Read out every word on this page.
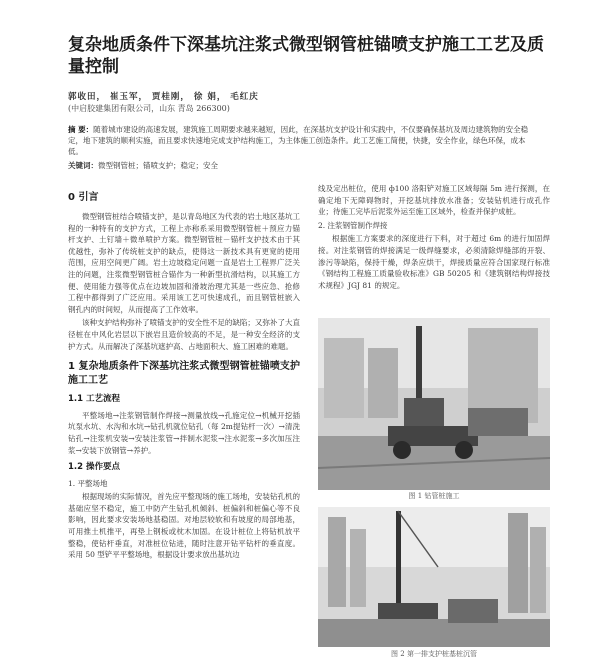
复杂地质条件下深基坑注浆式微型钢管桩锚喷支护施工工艺及质量控制
郭收田， 崔玉军， 贾桂刚， 徐 娟， 毛红庆
(中启胶建集团有限公司，山东 青岛 266300)
摘 要：随着城市建设的高速发展，建筑施工周期要求越来越短，因此，在深基坑支护设计和实践中，不仅要确保基坑及周边建筑物的安全稳定，地下建筑的顺利实施，而且要求快速地完成支护结构施工，为主体施工创造条件。此工艺施工简便，快捷，安全作业，绿色环保，成本低。
关键词：微型钢管桩；锚喷支护；稳定；安全
0 引言

微型钢管桩结合喷锚支护，是以青岛地区为代表的岩土地区基坑工程的一种特有的支护方式，工程上亦称系采用微型钢管桩＋预应力锚杆支护、土钉墙＋微单喷护方案。微型钢管桩－锚杆支护技术由于其优越性，弥补了传统桩支护的缺点，使得这一新技术具有更宽的使用范围，应用空间更广阔。岩土边坡稳定问题一直是岩土工程界广泛关注的问题，注浆微型钢管桩合锚作为一种新型抗滑结构，以其施工方便、使用能力强等优点在边坡加固和滑坡治理尤其是一些应急、抢修工程中都得到了广泛应用。采用该工艺可快速成孔，而且钢管桩嵌入钢孔内的时间短，从而提高了工作效率。

该种支护结构弥补了喷锚支护的安全性不足的缺陷；又弥补了大直径桩在中风化岩层以下嵌岩且造价较高的不足，是一种安全经济的支护方式。从而解决了深基坑遮护高、占地面积大、施工困难的难题。

1 复杂地质条件下深基坑注浆式微型钢管桩锚喷支护施工工艺
1.1 工艺流程

平整场地→注浆钢管制作焊接→测量放线→孔施定位→机械开挖插坑泵水坑、水沟和水坑→钻孔机就位钻孔（每 2m提钻杆一次）→清洗钻孔→注浆机安装→安装注浆管→拌制水泥浆→注水泥浆→多次加压注浆→安装下放钢管→养护。

1.2 操作要点
1. 平整场地

根据现场的实际情况，首先应平整现场的施工场地，安装钻孔机的基础应坚不稳定，施工中防产生钻孔机倾斜、桩偏斜和桩偏心等不良影响，因此要求安装场地基稳固。对地层较软和有坡度的局部地基，可用推土机推平，再垫上钢板或枕木加固。在设计桩位上将钻机放平整稳，使钻杆垂直，对准桩位钻进，随时注意开钻平钻杆的垂直度。采用 50 型铲平平整场地，根据设计要求放出基坑边

线及定出桩位，使用 ф100 洛阳铲对施工区域每隔 5m 进行探测，在确定地下无障碍物时，开挖基坑排放水准备；安装钻机进行成孔作业；待施工完毕后泥浆外运至施工区域外，检查并保护成桩。

2. 注浆钢管制作焊接

根据施工方案要求的深度进行下料，对于超过 6m 的进行加固焊接。对注浆钢管的焊接满足一级焊缝要求，必须清除焊缝部的开裂、渗污等缺陷，保持干燥，焊条应烘干，焊接质量应符合国家现行标准《钢结构工程施工质量验收标准》GB 50205 和《建筑钢结构焊接技术规程》JGJ 81 的规定。

图 1 钻管桩施工
图 2 第一排支护桩基桩沉管
